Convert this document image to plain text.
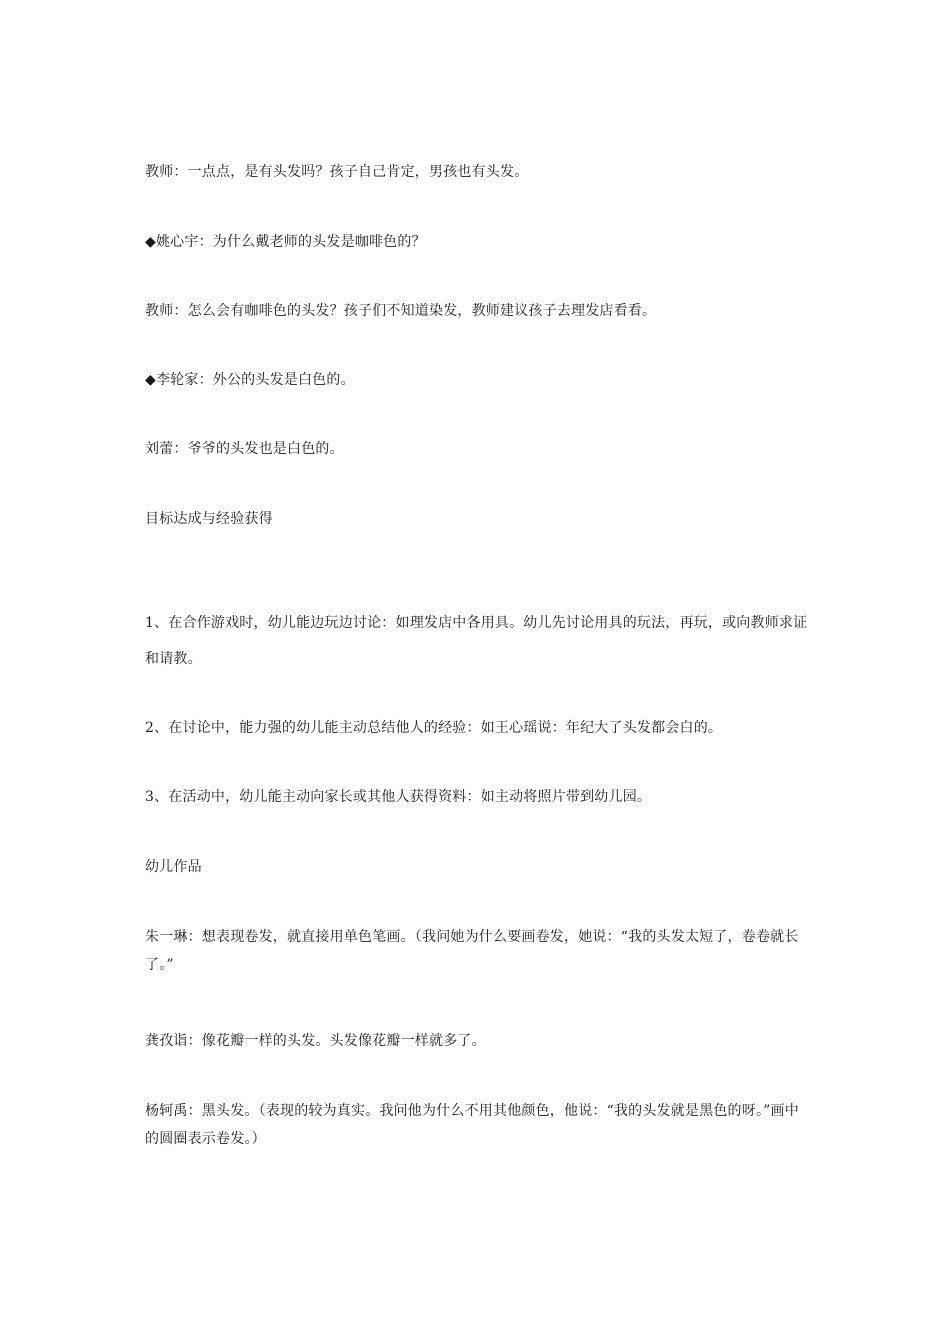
教师：一点点，是有头发吗？孩子自己肯定，男孩也有头发。
◆姚心宇：为什么戴老师的头发是咖啡色的？
教师：怎么会有咖啡色的头发？孩子们不知道染发，教师建议孩子去理发店看看。
◆李轮家：外公的头发是白色的。
刘蕾：爷爷的头发也是白色的。
目标达成与经验获得
1、在合作游戏时，幼儿能边玩边讨论：如理发店中各用具。幼儿先讨论用具的玩法，再玩，或向教师求证和请教。
2、在讨论中，能力强的幼儿能主动总结他人的经验：如王心瑶说：年纪大了头发都会白的。
3、在活动中，幼儿能主动向家长或其他人获得资料：如主动将照片带到幼儿园。
幼儿作品
朱一琳：想表现卷发，就直接用单色笔画。（我问她为什么要画卷发，她说：“我的头发太短了，卷卷就长了。”
龚孜诣：像花瓣一样的头发。头发像花瓣一样就多了。
杨轲禹：黑头发。（表现的较为真实。我问他为什么不用其他颜色，他说：“我的头发就是黑色的呀。”画中的圆圈表示卷发。）
